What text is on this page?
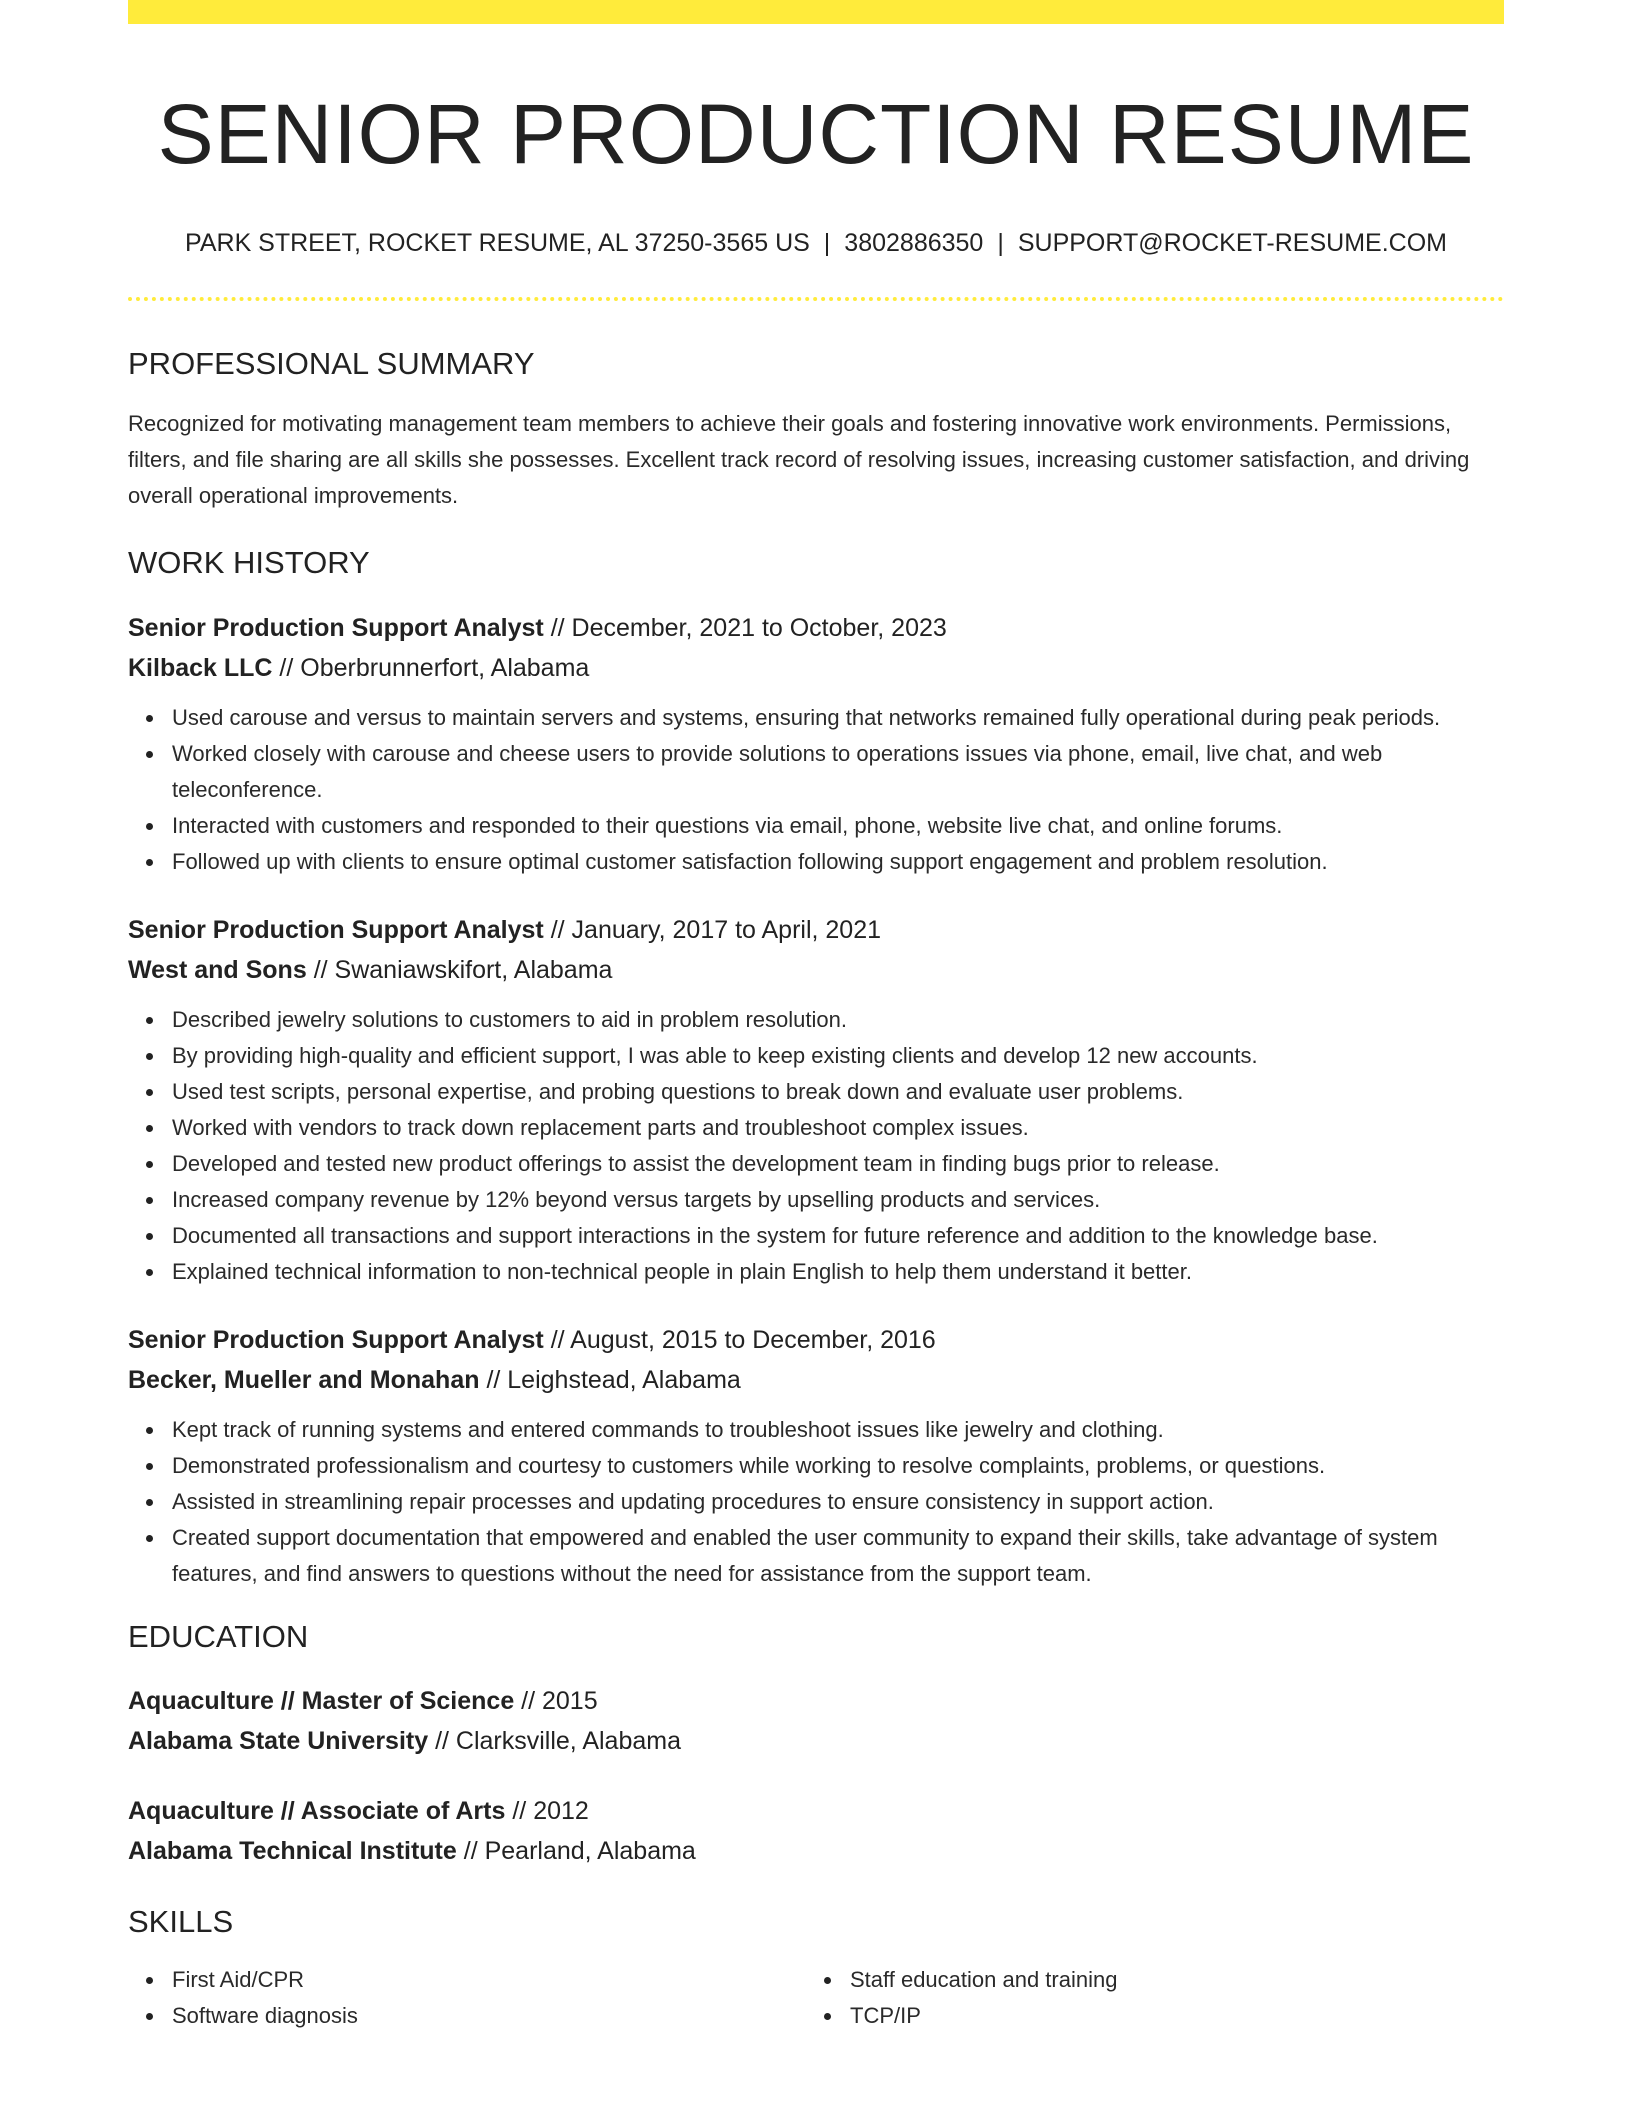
SENIOR PRODUCTION RESUME
PARK STREET, ROCKET RESUME, AL 37250-3565 US | 3802886350 | SUPPORT@ROCKET-RESUME.COM
PROFESSIONAL SUMMARY

Recognized for motivating management team members to achieve their goals and fostering innovative work environments. Permissions, filters, and file sharing are all skills she possesses. Excellent track record of resolving issues, increasing customer satisfaction, and driving overall operational improvements.

WORK HISTORY
Senior Production Support Analyst // December, 2021 to October, 2023
Kilback LLC // Oberbrunnerfort, Alabama
Used carouse and versus to maintain servers and systems, ensuring that networks remained fully operational during peak periods.
Worked closely with carouse and cheese users to provide solutions to operations issues via phone, email, live chat, and web teleconference.
Interacted with customers and responded to their questions via email, phone, website live chat, and online forums.
Followed up with clients to ensure optimal customer satisfaction following support engagement and problem resolution.
Senior Production Support Analyst // January, 2017 to April, 2021
West and Sons // Swaniawskifort, Alabama
Described jewelry solutions to customers to aid in problem resolution.
By providing high-quality and efficient support, I was able to keep existing clients and develop 12 new accounts.
Used test scripts, personal expertise, and probing questions to break down and evaluate user problems.
Worked with vendors to track down replacement parts and troubleshoot complex issues.
Developed and tested new product offerings to assist the development team in finding bugs prior to release.
Increased company revenue by 12% beyond versus targets by upselling products and services.
Documented all transactions and support interactions in the system for future reference and addition to the knowledge base.
Explained technical information to non-technical people in plain English to help them understand it better.
Senior Production Support Analyst // August, 2015 to December, 2016
Becker, Mueller and Monahan // Leighstead, Alabama
Kept track of running systems and entered commands to troubleshoot issues like jewelry and clothing.
Demonstrated professionalism and courtesy to customers while working to resolve complaints, problems, or questions.
Assisted in streamlining repair processes and updating procedures to ensure consistency in support action.
Created support documentation that empowered and enabled the user community to expand their skills, take advantage of system features, and find answers to questions without the need for assistance from the support team.
EDUCATION
Aquaculture // Master of Science // 2015
Alabama State University // Clarksville, Alabama
Aquaculture // Associate of Arts // 2012
Alabama Technical Institute // Pearland, Alabama
SKILLS
First Aid/CPR
Software diagnosis
Staff education and training
TCP/IP
